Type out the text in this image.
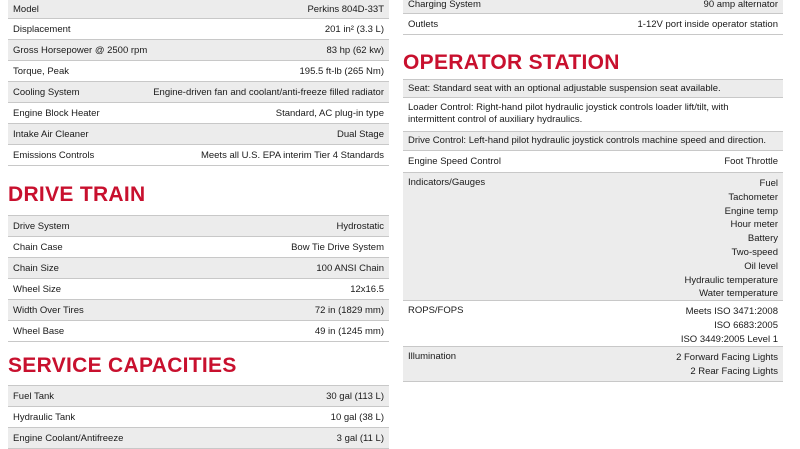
Model	Perkins 804D-33T
Displacement	201 in² (3.3 L)
Gross Horsepower @ 2500 rpm	83 hp (62 kw)
Torque, Peak	195.5 ft-lb (265 Nm)
Cooling System	Engine-driven fan and coolant/anti-freeze filled radiator
Engine Block Heater	Standard, AC plug-in type
Intake Air Cleaner	Dual Stage
Emissions Controls	Meets all U.S. EPA interim Tier 4 Standards
DRIVE TRAIN
Drive System	Hydrostatic
Chain Case	Bow Tie Drive System
Chain Size	100 ANSI Chain
Wheel Size	12x16.5
Width Over Tires	72 in (1829 mm)
Wheel Base	49 in (1245 mm)
SERVICE CAPACITIES
Fuel Tank	30 gal (113 L)
Hydraulic Tank	10 gal (38 L)
Engine Coolant/Antifreeze	3 gal (11 L)
Charging System	90 amp alternator
Outlets	1-12V port inside operator station
OPERATOR STATION
Seat: Standard seat with an optional adjustable suspension seat available.
Loader Control: Right-hand pilot hydraulic joystick controls loader lift/tilt, with intermittent control of auxiliary hydraulics.
Drive Control: Left-hand pilot hydraulic joystick controls machine speed and direction.
Engine Speed Control	Foot Throttle
Indicators/Gauges	Fuel
Tachometer
Engine temp
Hour meter
Battery
Two-speed
Oil level
Hydraulic temperature
Water temperature
ROPS/FOPS	Meets ISO 3471:2008
ISO 6683:2005
ISO 3449:2005 Level 1
Illumination	2 Forward Facing Lights
2 Rear Facing Lights
